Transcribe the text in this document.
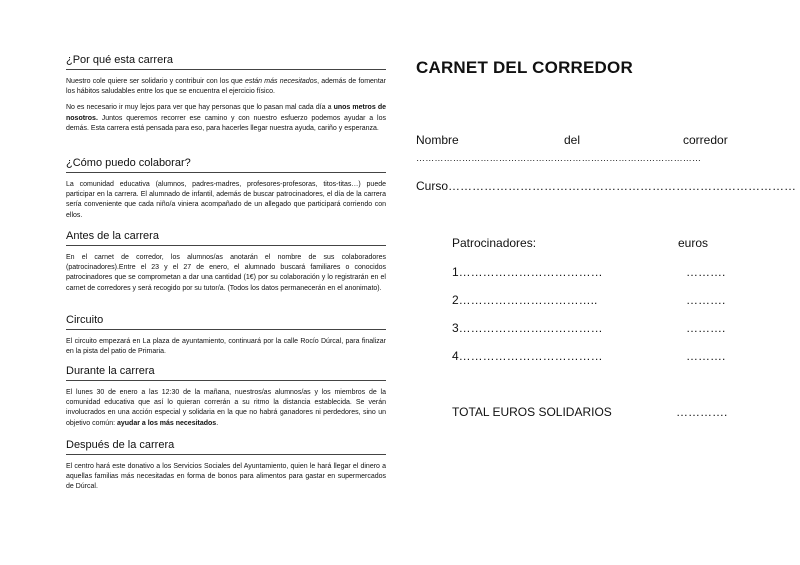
¿Por qué esta carrera

Nuestro cole quiere ser solidario y contribuir con los que están más necesitados, además de fomentar los hábitos saludables entre los que se encuentra el ejercicio físico.

No es necesario ir muy lejos para ver que hay personas que lo pasan mal cada día a unos metros de nosotros. Juntos queremos recorrer ese camino y con nuestro esfuerzo podemos ayudar a los demás. Esta carrera está pensada para eso, para hacerles llegar nuestra ayuda, cariño y esperanza.

¿Cómo puedo colaborar?

La comunidad educativa (alumnos, padres-madres, profesores-profesoras, titos-titas…) puede participar en la carrera. El alumnado de infantil, además de buscar patrocinadores, el día de la carrera sería conveniente que cada niño/a viniera acompañado de un allegado que participará corriendo con ellos.

Antes de la carrera

En el carnet de corredor, los alumnos/as anotarán el nombre de sus colaboradores (patrocinadores).Entre el 23 y el 27 de enero, el alumnado buscará familiares o conocidos patrocinadores que se comprometan a dar una cantidad (1€) por su colaboración y lo registrarán en el carnet de corredores y será recogido por su tutor/a. (Todos los datos permanecerán en el anonimato).

Circuito

El circuito empezará en La plaza de ayuntamiento, continuará por la calle Rocío Dúrcal, para finalizar en la pista del patio de Primaria.

Durante la carrera

El lunes 30 de enero a las 12:30 de la mañana, nuestros/as alumnos/as y los miembros de la comunidad educativa que así lo quieran correrán a su ritmo la distancia establecida. Se verán involucrados en una acción especial y solidaria en la que no habrá ganadores ni perdedores, sino un objetivo común: ayudar a los más necesitados.

Después de la carrera

El centro hará este donativo a los Servicios Sociales del Ayuntamiento, quien le hará llegar el dinero a aquellas familias más necesitadas en forma de bonos para alimentos para gastar en supermercados de Dúrcal.

CARNET DEL CORREDOR
Nombre	del	corredor
…………………………………………………………………………………
Curso……………………………………………………………………………
Patrocinadores:	euros
1………………………………	……….
2……………………………..	……….
3………………………………	……….
4………………………………	……….
TOTAL EUROS SOLIDARIOS	………….
